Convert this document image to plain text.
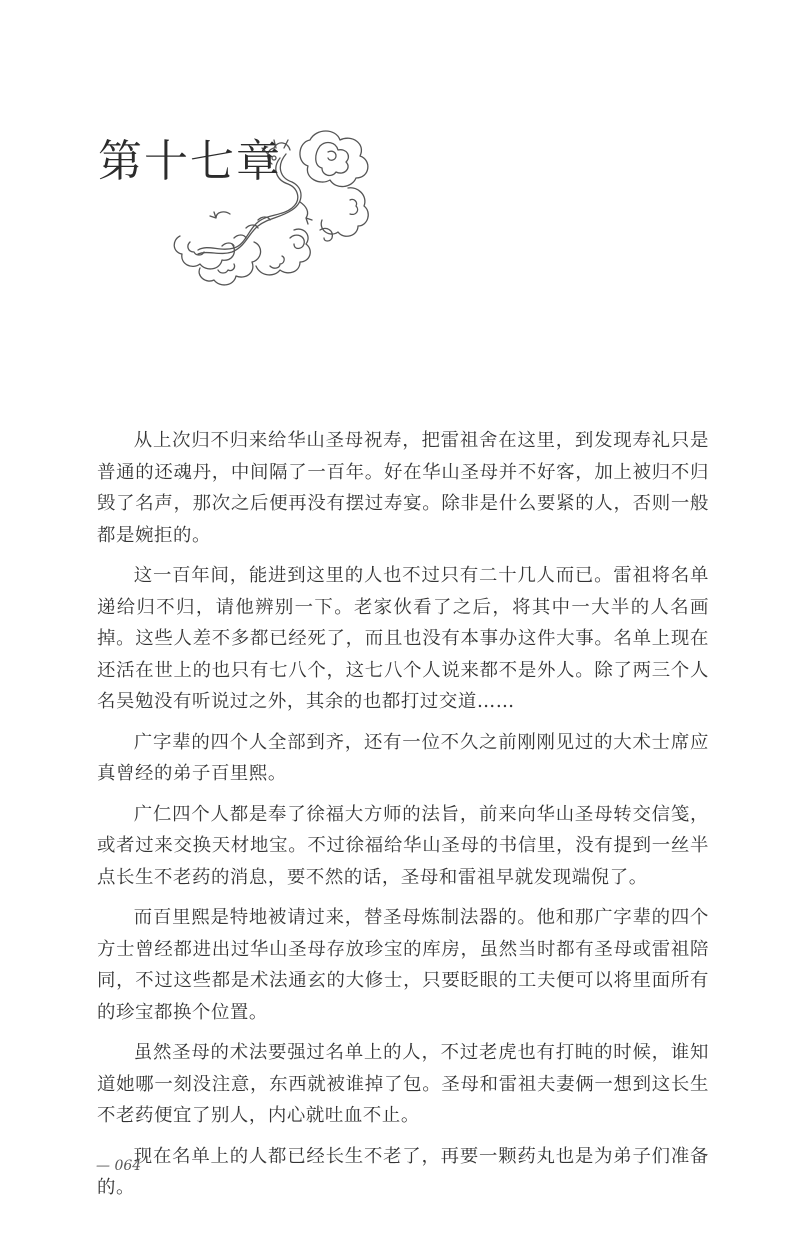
第十七章

从上次归不归来给华山圣母祝寿，把雷祖舍在这里，到发现寿礼只是普通的还魂丹，中间隔了一百年。好在华山圣母并不好客，加上被归不归毁了名声，那次之后便再没有摆过寿宴。除非是什么要紧的人，否则一般都是婉拒的。

这一百年间，能进到这里的人也不过只有二十几人而已。雷祖将名单递给归不归，请他辨别一下。老家伙看了之后，将其中一大半的人名画掉。这些人差不多都已经死了，而且也没有本事办这件大事。名单上现在还活在世上的也只有七八个，这七八个人说来都不是外人。除了两三个人名吴勉没有听说过之外，其余的也都打过交道……

广字辈的四个人全部到齐，还有一位不久之前刚刚见过的大术士席应真曾经的弟子百里熙。

广仁四个人都是奉了徐福大方师的法旨，前来向华山圣母转交信笺，或者过来交换天材地宝。不过徐福给华山圣母的书信里，没有提到一丝半点长生不老药的消息，要不然的话，圣母和雷祖早就发现端倪了。

而百里熙是特地被请过来，替圣母炼制法器的。他和那广字辈的四个方士曾经都进出过华山圣母存放珍宝的库房，虽然当时都有圣母或雷祖陪同，不过这些都是术法通玄的大修士，只要眨眼的工夫便可以将里面所有的珍宝都换个位置。

虽然圣母的术法要强过名单上的人，不过老虎也有打盹的时候，谁知道她哪一刻没注意，东西就被谁掉了包。圣母和雷祖夫妻俩一想到这长生不老药便宜了别人，内心就吐血不止。

现在名单上的人都已经长生不老了，再要一颗药丸也是为弟子们准备的。

— 064
